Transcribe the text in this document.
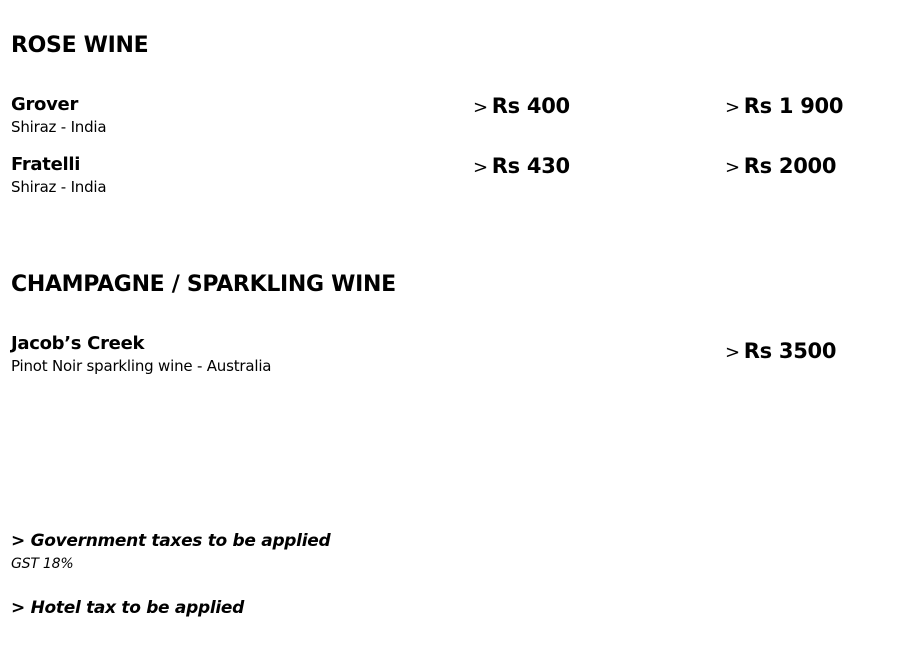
ROSE WINE
Grover
Shiraz - India
> Rs 400	> Rs 1 900
Fratelli
Shiraz - India
> Rs 430	> Rs 2000
CHAMPAGNE / SPARKLING WINE
Jacob’s Creek
Pinot Noir sparkling wine - Australia
> Rs 3500
> Government taxes to be applied
GST 18%
> Hotel tax to be applied
